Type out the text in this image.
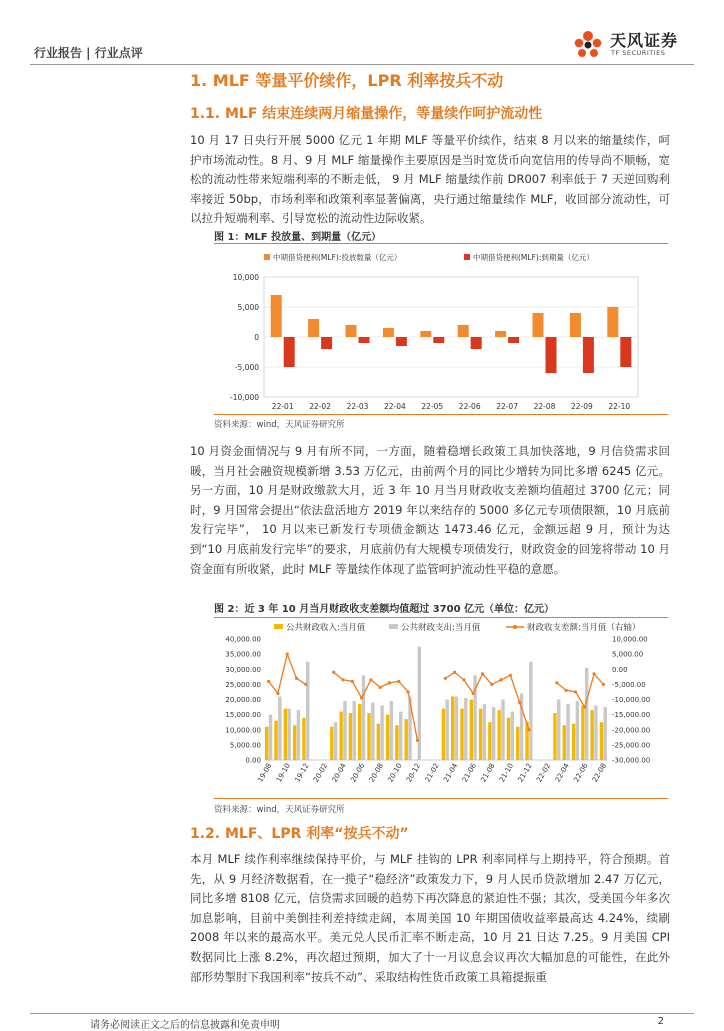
行业报告 | 行业点评
天风证券
TF SECURITIES
1. MLF 等量平价续作，LPR 利率按兵不动
1.1. MLF 结束连续两月缩量操作，等量续作呵护流动性

10 月 17 日央行开展 5000 亿元 1 年期 MLF 等量平价续作，结束 8 月以来的缩量续作，呵护市场流动性。8 月、9 月 MLF 缩量操作主要原因是当时宽货币向宽信用的传导尚不顺畅，宽松的流动性带来短端利率的不断走低， 9 月 MLF 缩量续作前 DR007 利率低于 7 天逆回购利率接近 50bp，市场利率和政策利率显著偏离，央行通过缩量续作 MLF，收回部分流动性，可以拉升短端利率、引导宽松的流动性边际收紧。

图 1：MLF 投放量、到期量（亿元）
10,000
5,000
0
-5,000
-10,000
22-01 22-02 22-03 22-04 22-05 22-06 22-07 22-08 22-09 22-10
中期借贷便利(MLF):投放数量（亿元）	中期借贷便利(MLF):到期量（亿元）
资料来源：wind，天风证券研究所

10 月资金面情况与 9 月有所不同，一方面，随着稳增长政策工具加快落地，9 月信贷需求回暖，当月社会融资规模新增 3.53 万亿元，由前两个月的同比少增转为同比多增 6245 亿元。另一方面，10 月是财政缴款大月，近 3 年 10 月当月财政收支差额均值超过 3700 亿元；同时，9 月国常会提出“依法盘活地方 2019 年以来结存的 5000 多亿元专项债限额，10 月底前发行完毕”， 10 月以来已新发行专项债金额达 1473.46 亿元，金额远超 9 月，预计为达到“10 月底前发行完毕”的要求，月底前仍有大规模专项债发行，财政资金的回笼将带动 10 月资金面有所收紧，此时 MLF 等量续作体现了监管呵护流动性平稳的意愿。

图 2：近 3 年 10 月当月财政收支差额均值超过 3700 亿元（单位：亿元）
40,000.00
35,000.00
30,000.00
25,000.00
20,000.00
15,000.00
10,000.00
5,000.00
0.00
10,000.00
5,000.00
0.00
-5,000.00
-10,000.00
-15,000.00
-20,000.00
-25,000.00
-30,000.00
19-08 19-10 19-12 20-02 20-04 20-06 20-08 20-10 20-12 21-02 21-04 21-06 21-08 21-10 21-12 22-02 22-04 22-06 22-08
公共财政收入:当月值	公共财政支出:当月值	财政收支差额:当月值（右轴）
资料来源：wind，天风证券研究所
1.2. MLF、LPR 利率“按兵不动”

本月 MLF 续作利率继续保持平价，与 MLF 挂钩的 LPR 利率同样与上期持平，符合预期。首先，从 9 月经济数据看，在一揽子“稳经济”政策发力下，9 月人民币贷款增加 2.47 万亿元，同比多增 8108 亿元，信贷需求回暖的趋势下再次降息的紧迫性不强；其次，受美国今年多次加息影响，目前中美倒挂利差持续走阔，本周美国 10 年期国债收益率最高达 4.24%，续刷 2008 年以来的最高水平。美元兑人民币汇率不断走高，10 月 21 日达 7.25。9 月美国 CPI 数据同比上涨 8.2%，再次超过预期，加大了十一月议息会议再次大幅加息的可能性，在此外部形势掣肘下我国利率“按兵不动”、采取结构性货币政策工具箱提振重

请务必阅读正文之后的信息披露和免责申明	2
